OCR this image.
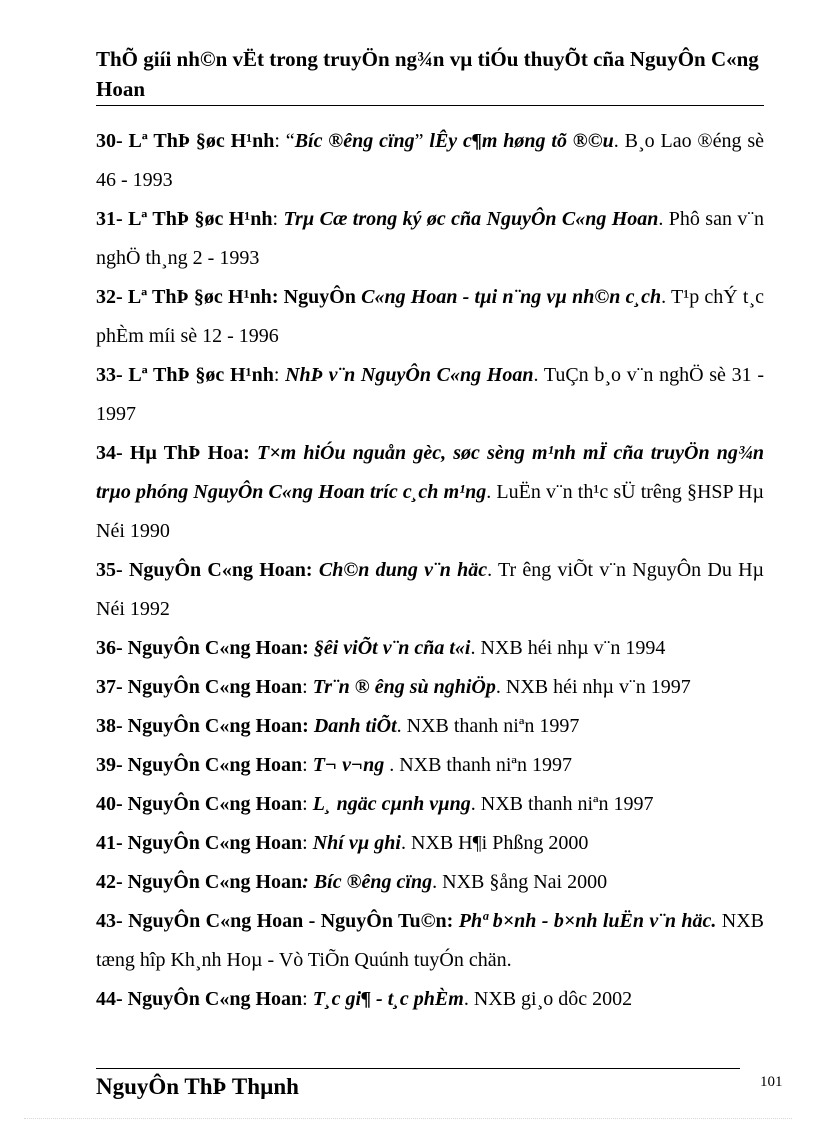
ThÕ giíi nh©n vËt trong truyÖn ng¾n vµ tiÓu thuyÕt cña NguyÔn C«ng Hoan
30- Lª ThÞ §øc H¹nh: “Bíc ®êng cïng” lÊy c¶m høng tõ ®©u. B¸o Lao ®éng sè 46 - 1993
31- Lª ThÞ §øc H¹nh: Trµ Cæ trong ký øc cña NguyÔn C«ng Hoan. Phô san v¨n nghÖ th¸ng 2 - 1993
32- Lª ThÞ §øc H¹nh: NguyÔn C«ng Hoan - tµi n¨ng vµ nh©n c¸ch. T¹p chÝ t¸c phÈm míi sè 12 - 1996
33- Lª ThÞ §øc H¹nh: NhÞ v¨n NguyÔn C«ng Hoan. TuÇn b¸o v¨n nghÖ sè 31 - 1997
34- Hµ ThÞ Hoa: T×m hiÓu nguån gèc, søc sèng m¹nh mÏ cña truyÖn ng¾n trµo phóng NguyÔn C«ng Hoan tríc c¸ch m¹ng. LuËn v¨n th¹c sÜ trêng §HSP Hµ Néi 1990
35- NguyÔn C«ng Hoan: Ch©n dung v¨n häc. Tr êng viÕt v¨n NguyÔn Du Hµ Néi 1992
36- NguyÔn C«ng Hoan: §êi viÕt v¨n cña t«i. NXB héi nhµ v¨n 1994
37- NguyÔn C«ng Hoan: Tr¨n ® êng sù nghiÖp. NXB héi nhµ v¨n 1997
38- NguyÔn C«ng Hoan: Danh tiÕt. NXB thanh niªn 1997
39- NguyÔn C«ng Hoan: T¬ v¬ng . NXB thanh niªn 1997
40- NguyÔn C«ng Hoan: L¸ ngäc cµnh vµng. NXB thanh niªn 1997
41- NguyÔn C«ng Hoan: Nhí vµ ghi. NXB H¶i Phßng 2000
42- NguyÔn C«ng Hoan: Bíc ®êng cïng. NXB §ång Nai 2000
43- NguyÔn C«ng Hoan - NguyÔn Tu©n: Phª b×nh - b×nh luËn v¨n häc. NXB tæng hîp Kh¸nh Hoµ - Vò TiÕn Quúnh tuyÓn chän.
44- NguyÔn C«ng Hoan: T¸c gi¶ - t¸c phÈm. NXB gi¸o dôc 2002
NguyÔn ThÞ Thµnh	101
